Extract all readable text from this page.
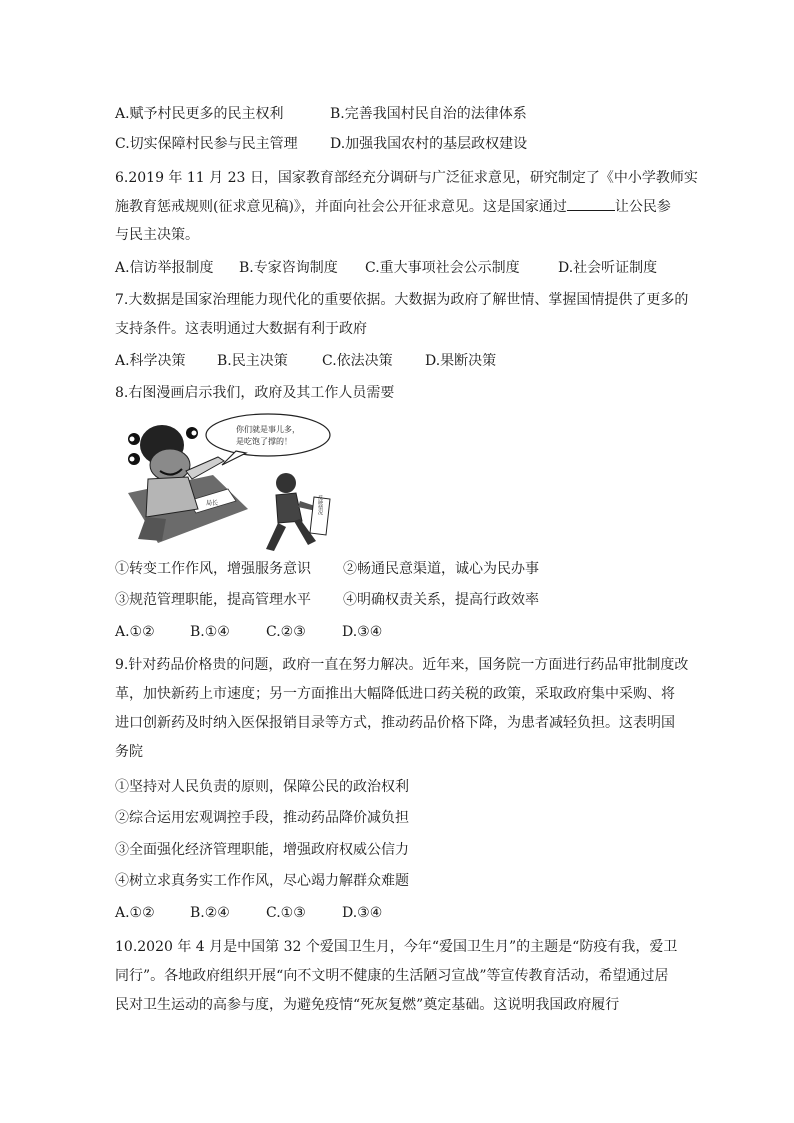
A.赋予村民更多的民主权利	B.完善我国村民自治的法律体系
C.切实保障村民参与民主管理 D.加强我国农村的基层政权建设
6.2019 年 11 月 23 日，国家教育部经充分调研与广泛征求意见，研究制定了《中小学教师实
施教育惩戒规则(征求意见稿)》，并面向社会公开征求意见。这是国家通过	让公民参
与民主决策。
A.信访举报制度 B.专家咨询制度 C.重大事项社会公示制度	D.社会听证制度
7.大数据是国家治理能力现代化的重要依据。大数据为政府了解世情、掌握国情提供了更多的
支持条件。这表明通过大数据有利于政府
A.科学决策 B.民主决策 C.依法决策 D.果断决策
8.右图漫画启示我们，政府及其工作人员需要
你们就是事儿多，
是吃饱了撑的！
局长	反映情况
①转变工作作风，增强服务意识 ②畅通民意渠道，诚心为民办事
③规范管理职能，提高管理水平 ④明确权责关系，提高行政效率
A.①②	B.①④	C.②③	D.③④
9.针对药品价格贵的问题，政府一直在努力解决。近年来，国务院一方面进行药品审批制度改
革，加快新药上市速度；另一方面推出大幅降低进口药关税的政策，采取政府集中采购、将
进口创新药及时纳入医保报销目录等方式，推动药品价格下降，为患者减轻负担。这表明国
务院
①坚持对人民负责的原则，保障公民的政治权利
②综合运用宏观调控手段，推动药品降价减负担
③全面强化经济管理职能，增强政府权威公信力
④树立求真务实工作作风，尽心竭力解群众难题
A.①②	B.②④	C.①③	D.③④
10.2020 年 4 月是中国第 32 个爱国卫生月，今年“爱国卫生月”的主题是“防疫有我，爱卫
同行”。各地政府组织开展“向不文明不健康的生活陋习宣战”等宣传教育活动，希望通过居
民对卫生运动的高参与度，为避免疫情“死灰复燃”奠定基础。这说明我国政府履行
